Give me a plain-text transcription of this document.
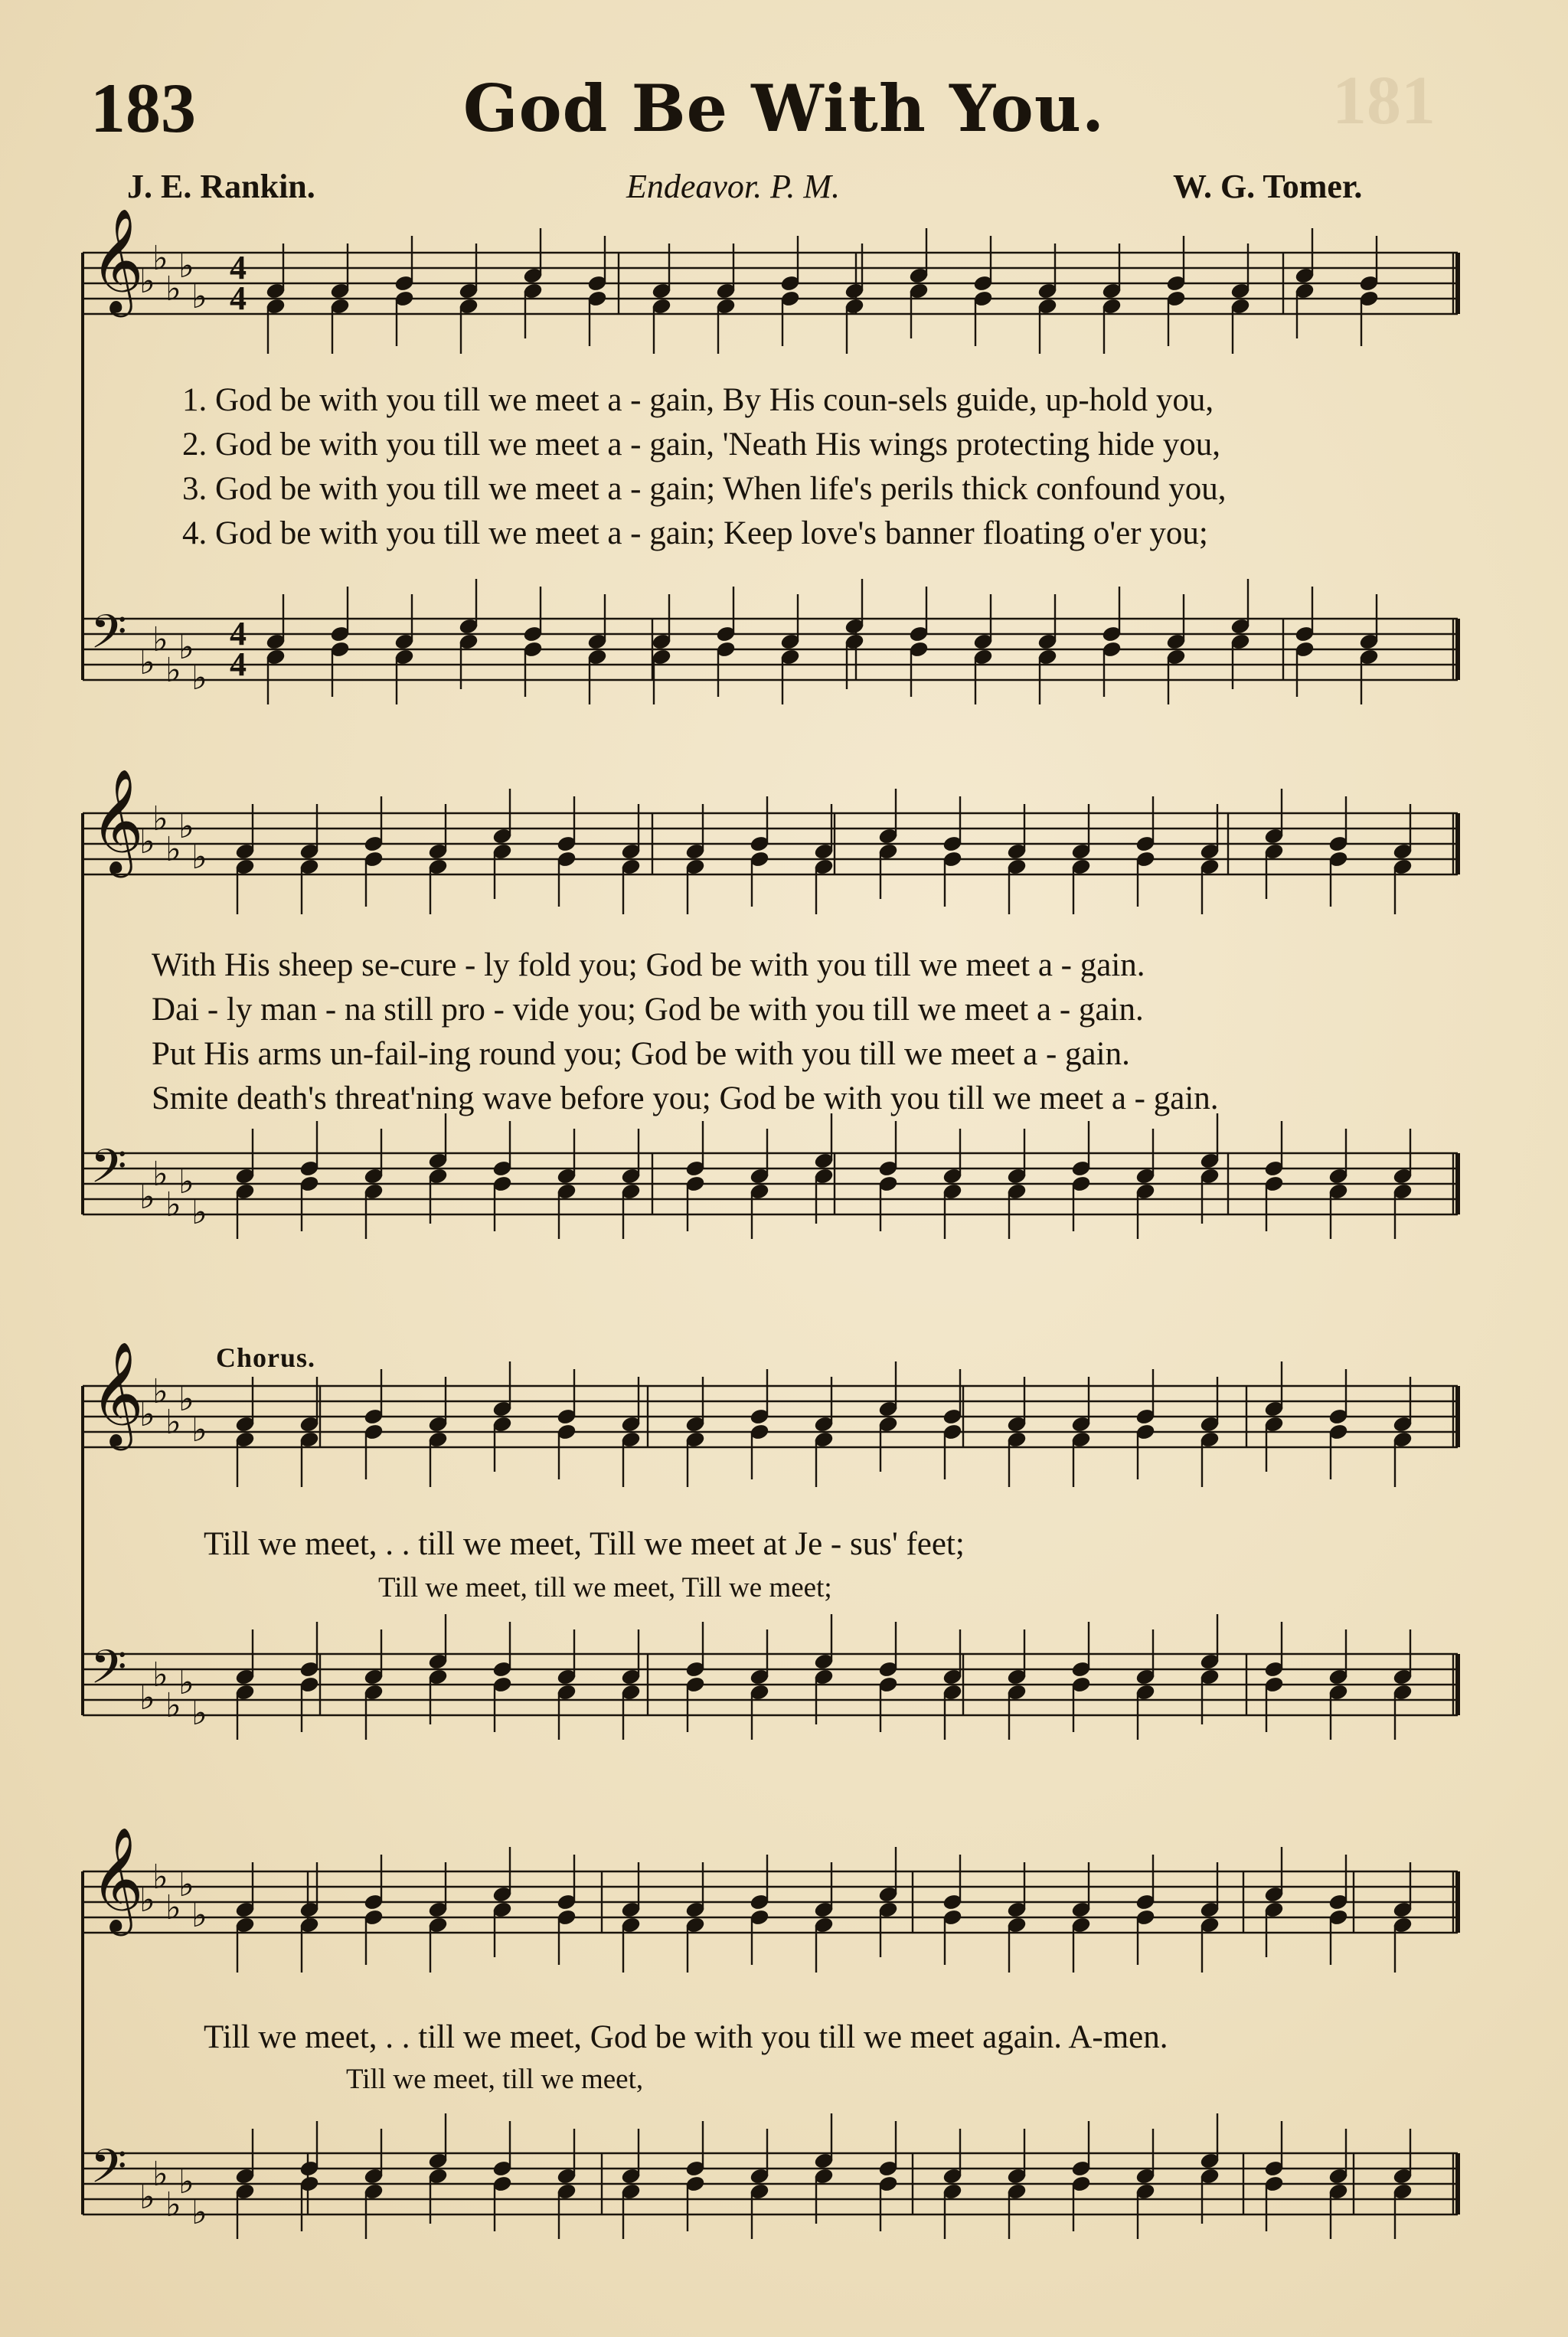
181
183	God Be With You.
J. E. Rankin.	Endeavor. P. M.	W. G. Tomer.
𝄞
𝄢
♭
♭
♭
♭
♭
♭
♭
♭
♭
♭
4
4
4
4
𝄞
𝄢
♭
♭
♭
♭
♭
♭
♭
♭
♭
♭
𝄞
𝄢
♭
♭
♭
♭
♭
♭
♭
♭
♭
♭
𝄞
𝄢
♭
♭
♭
♭
♭
♭
♭
♭
♭
♭
1. God be with you till we meet a - gain, By His coun-sels guide, up-hold you,
2. God be with you till we meet a - gain, 'Neath His wings protecting hide you,
3. God be with you till we meet a - gain; When life's perils thick confound you,
4. God be with you till we meet a - gain; Keep love's banner floating o'er you;
With His sheep se-cure - ly fold you; God be with you till we meet a - gain.
Dai - ly man - na still pro - vide you; God be with you till we meet a - gain.
Put His arms un-fail-ing round you; God be with you till we meet a - gain.
Smite death's threat'ning wave before you; God be with you till we meet a - gain.
Chorus.
Till we meet, . . till we meet, Till we meet at Je - sus' feet;
Till we meet, till we meet, Till we meet;
Till we meet, . . till we meet, God be with you till we meet again. A-men.
Till we meet, till we meet,
